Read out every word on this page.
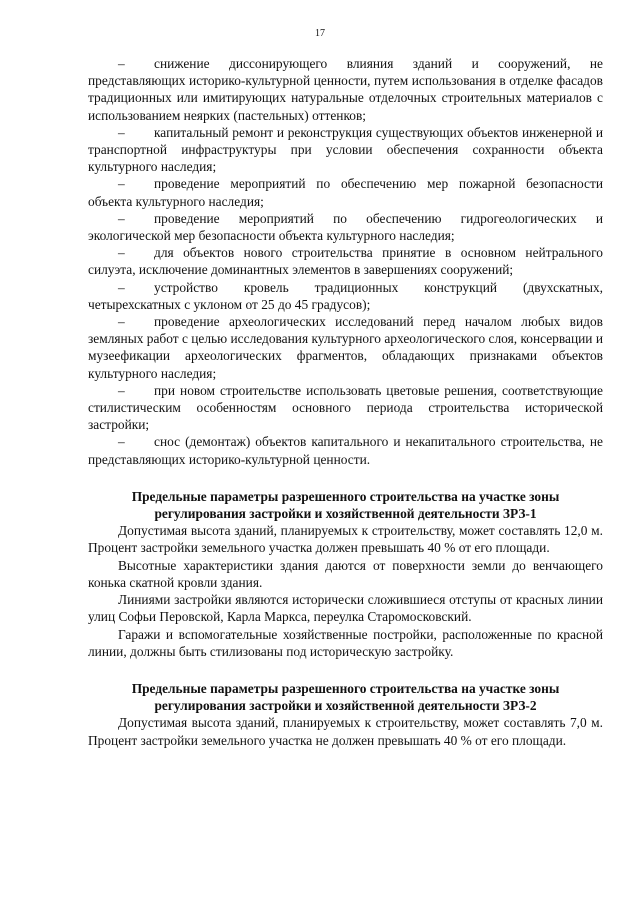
17

– снижение диссонирующего влияния зданий и сооружений, не представляющих историко-культурной ценности, путем использования в отделке фасадов традиционных или имитирующих натуральные отделочных строительных материалов с использованием неярких (пастельных) оттенков;

– капитальный ремонт и реконструкция существующих объектов инженерной и транспортной инфраструктуры при условии обеспечения сохранности объекта культурного наследия;

– проведение мероприятий по обеспечению мер пожарной безопасности объекта культурного наследия;

– проведение мероприятий по обеспечению гидрогеологических и экологической мер безопасности объекта культурного наследия;

– для объектов нового строительства принятие в основном нейтрального силуэта, исключение доминантных элементов в завершениях сооружений;

– устройство кровель традиционных конструкций (двухскатных, четырехскатных с уклоном от 25 до 45 градусов);

– проведение археологических исследований перед началом любых видов земляных работ с целью исследования культурного археологического слоя, консервации и музеефикации археологических фрагментов, обладающих признаками объектов культурного наследия;

– при новом строительстве использовать цветовые решения, соответствующие стилистическим особенностям основного периода строительства исторической застройки;

– снос (демонтаж) объектов капитального и некапитального строительства, не представляющих историко-культурной ценности.

Предельные параметры разрешенного строительства на участке зоны регулирования застройки и хозяйственной деятельности ЗРЗ-1

Допустимая высота зданий, планируемых к строительству, может составлять 12,0 м. Процент застройки земельного участка должен превышать 40 % от его площади.

Высотные характеристики здания даются от поверхности земли до венчающего конька скатной кровли здания.

Линиями застройки являются исторически сложившиеся отступы от красных линии улиц Софьи Перовской, Карла Маркса, переулка Старомосковский.

Гаражи и вспомогательные хозяйственные постройки, расположенные по красной линии, должны быть стилизованы под историческую застройку.

Предельные параметры разрешенного строительства на участке зоны регулирования застройки и хозяйственной деятельности ЗРЗ-2

Допустимая высота зданий, планируемых к строительству, может составлять 7,0 м. Процент застройки земельного участка не должен превышать 40 % от его площади.
